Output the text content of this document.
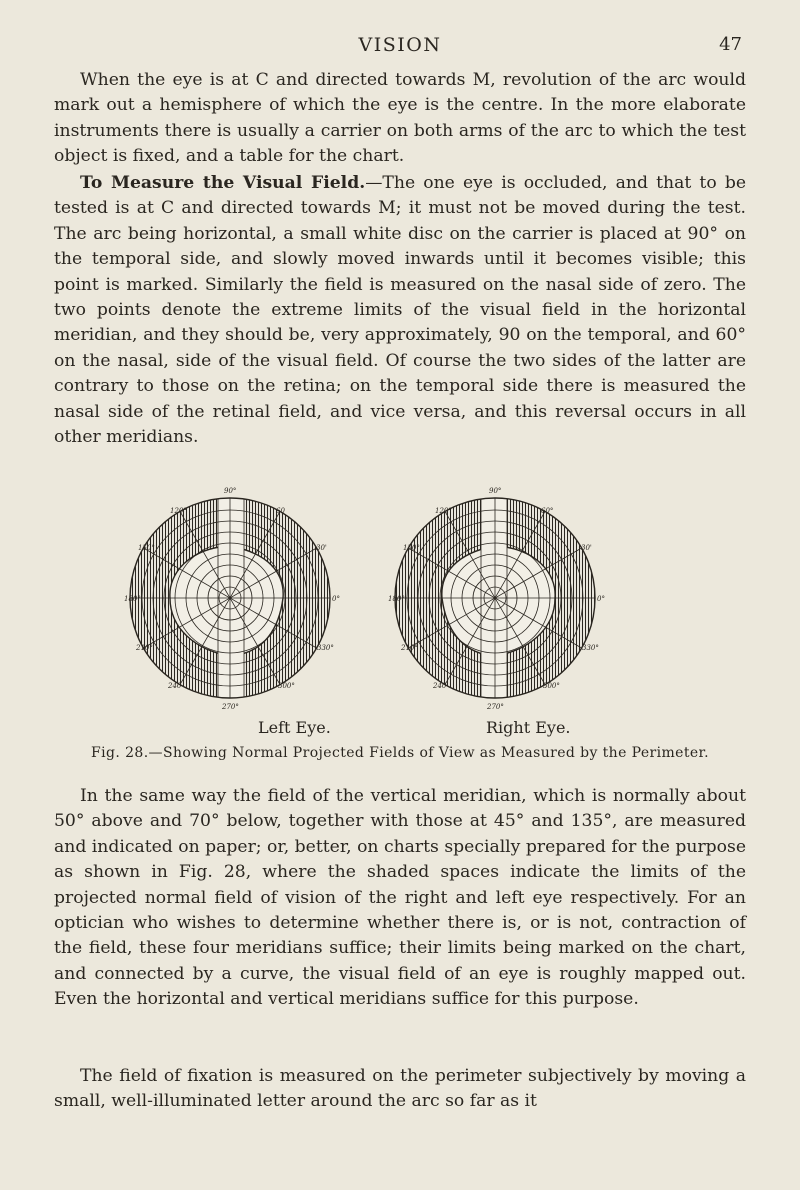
VISION	47

When the eye is at C and directed towards M, revolution of the arc would mark out a hemisphere of which the eye is the centre. In the more elaborate instruments there is usually a carrier on both arms of the arc to which the test object is fixed, and a table for the chart.

To Measure the Visual Field.—The one eye is occluded, and that to be tested is at C and directed towards M; it must not be moved during the test. The arc being horizontal, a small white disc on the carrier is placed at 90° on the temporal side, and slowly moved inwards until it becomes visible; this point is marked. Similarly the field is measured on the nasal side of zero. The two points denote the extreme limits of the visual field in the horizontal meridian, and they should be, very approximately, 90 on the temporal, and 60° on the nasal, side of the visual field. Of course the two sides of the latter are contrary to those on the retina; on the temporal side there is measured the nasal side of the retinal field, and vice versa, and this reversal occurs in all other meridians.

90°
120°	60
150°	30'
180°	0°
210°	330°
240	300°
270°
90°
120°	60°
150°	30'
180°	0°
210°	330°
240	300°
270°
Left Eye.	Right Eye.
Fig. 28.—Showing Normal Projected Fields of View as Measured by the Perimeter.

In the same way the field of the vertical meridian, which is normally about 50° above and 70° below, together with those at 45° and 135°, are measured and indicated on paper; or, better, on charts specially prepared for the purpose as shown in Fig. 28, where the shaded spaces indicate the limits of the projected normal field of vision of the right and left eye respectively. For an optician who wishes to determine whether there is, or is not, contraction of the field, these four meridians suffice; their limits being marked on the chart, and connected by a curve, the visual field of an eye is roughly mapped out. Even the horizontal and vertical meridians suffice for this purpose.

The field of fixation is measured on the perimeter subjectively by moving a small, well-illuminated letter around the arc so far as it
